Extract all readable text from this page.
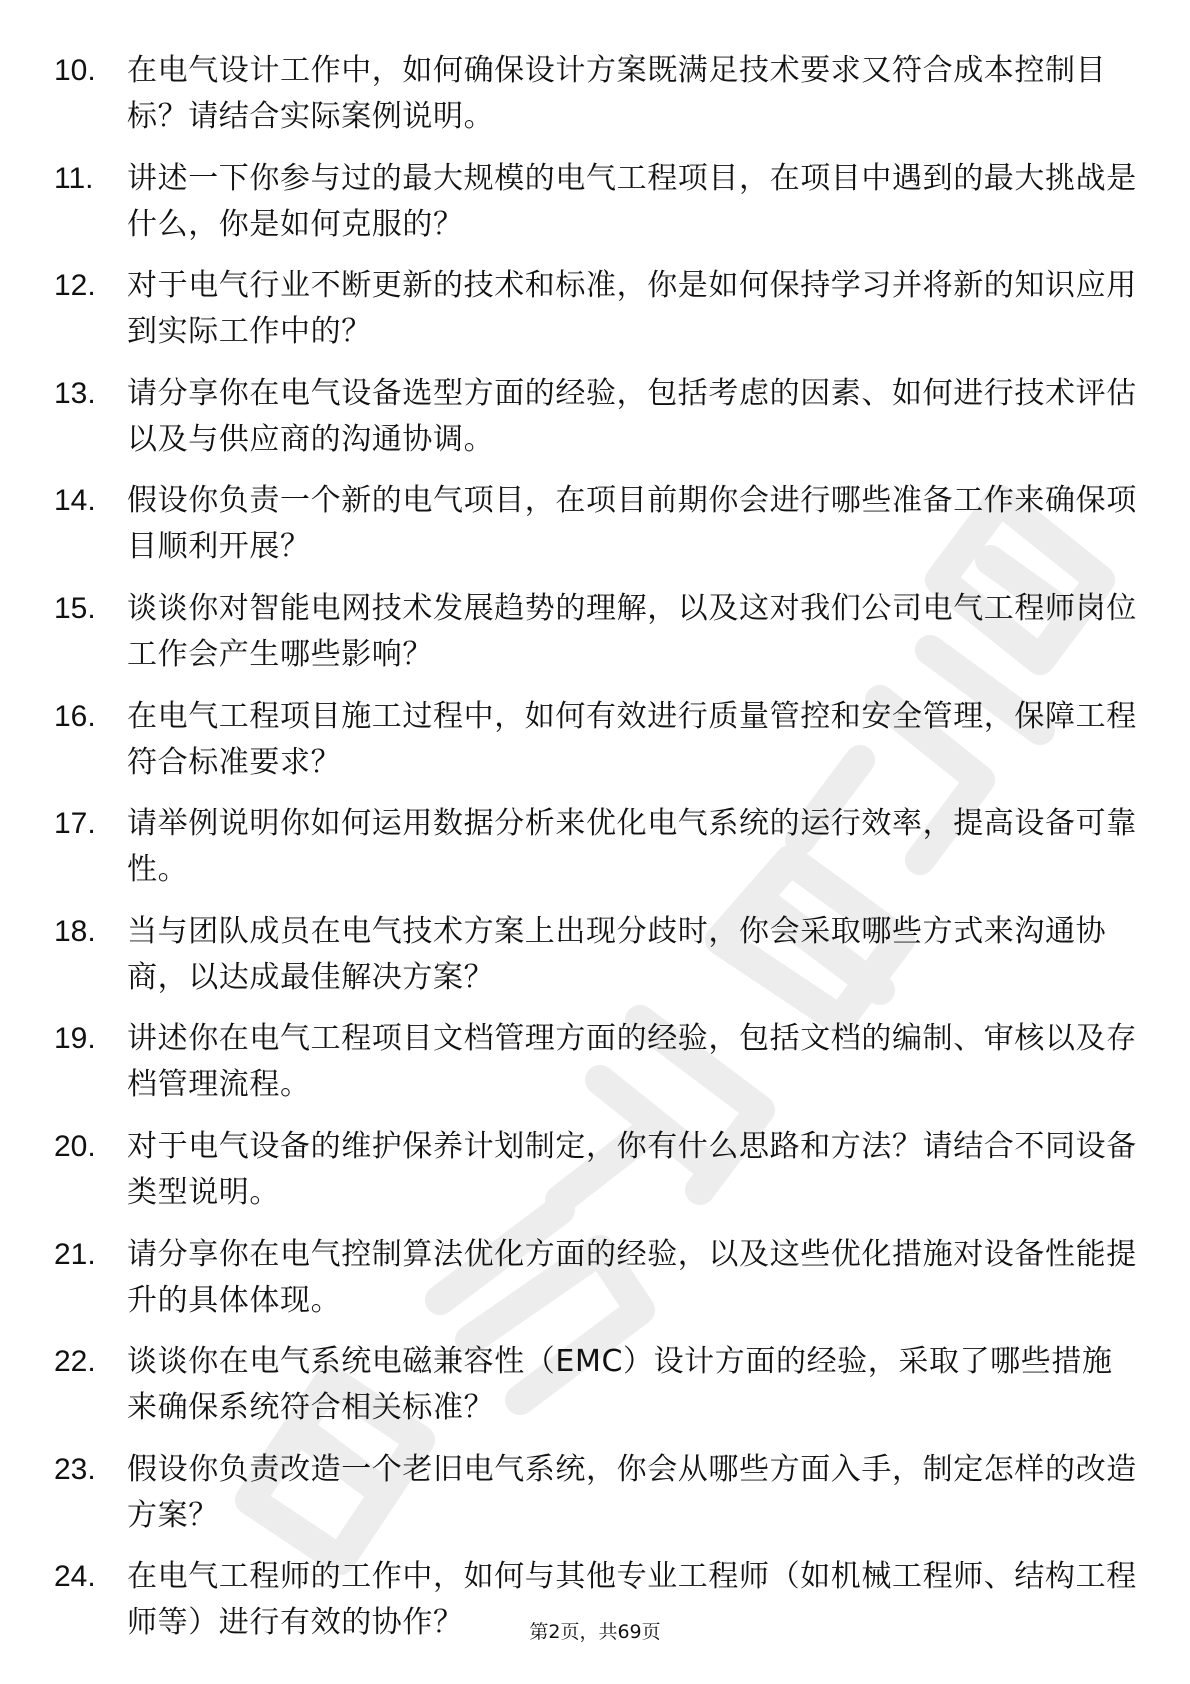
10.	在电气设计工作中，如何确保设计方案既满足技术要求又符合成本控制目标？请结合实际案例说明。
11.	讲述一下你参与过的最大规模的电气工程项目，在项目中遇到的最大挑战是什么，你是如何克服的？
12.	对于电气行业不断更新的技术和标准，你是如何保持学习并将新的知识应用到实际工作中的？
13.	请分享你在电气设备选型方面的经验，包括考虑的因素、如何进行技术评估以及与供应商的沟通协调。
14.	假设你负责一个新的电气项目，在项目前期你会进行哪些准备工作来确保项目顺利开展？
15.	谈谈你对智能电网技术发展趋势的理解，以及这对我们公司电气工程师岗位工作会产生哪些影响？
16.	在电气工程项目施工过程中，如何有效进行质量管控和安全管理，保障工程符合标准要求？
17.	请举例说明你如何运用数据分析来优化电气系统的运行效率，提高设备可靠性。
18.	当与团队成员在电气技术方案上出现分歧时，你会采取哪些方式来沟通协商，以达成最佳解决方案？
19.	讲述你在电气工程项目文档管理方面的经验，包括文档的编制、审核以及存档管理流程。
20.	对于电气设备的维护保养计划制定，你有什么思路和方法？请结合不同设备类型说明。
21.	请分享你在电气控制算法优化方面的经验，以及这些优化措施对设备性能提升的具体体现。
22.	谈谈你在电气系统电磁兼容性（EMC）设计方面的经验，采取了哪些措施来确保系统符合相关标准？
23.	假设你负责改造一个老旧电气系统，你会从哪些方面入手，制定怎样的改造方案？
24.	在电气工程师的工作中，如何与其他专业工程师（如机械工程师、结构工程师等）进行有效的协作？	第2页，共69页
